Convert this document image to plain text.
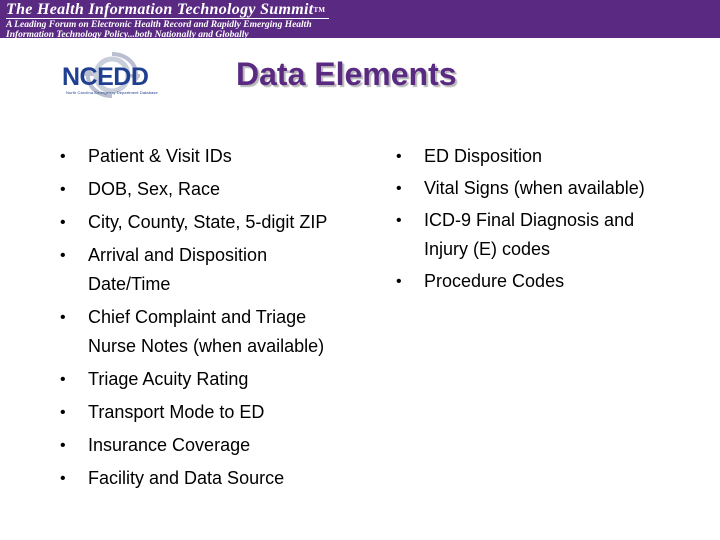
The Health Information Technology Summit™
A Leading Forum on Electronic Health Record and Rapidly Emerging Health
Information Technology Policy...both Nationally and Globally
NCEDD
North Carolina Emergency Department Database
Data Elements
• Patient & Visit IDs
• DOB, Sex, Race
• City, County, State, 5-digit ZIP
• Arrival and Disposition
Date/Time
• Chief Complaint and Triage
Nurse Notes (when available)
• Triage Acuity Rating
• Transport Mode to ED
• Insurance Coverage
• Facility and Data Source
• ED Disposition
• Vital Signs (when available)
• ICD-9 Final Diagnosis and
Injury (E) codes
• Procedure Codes
